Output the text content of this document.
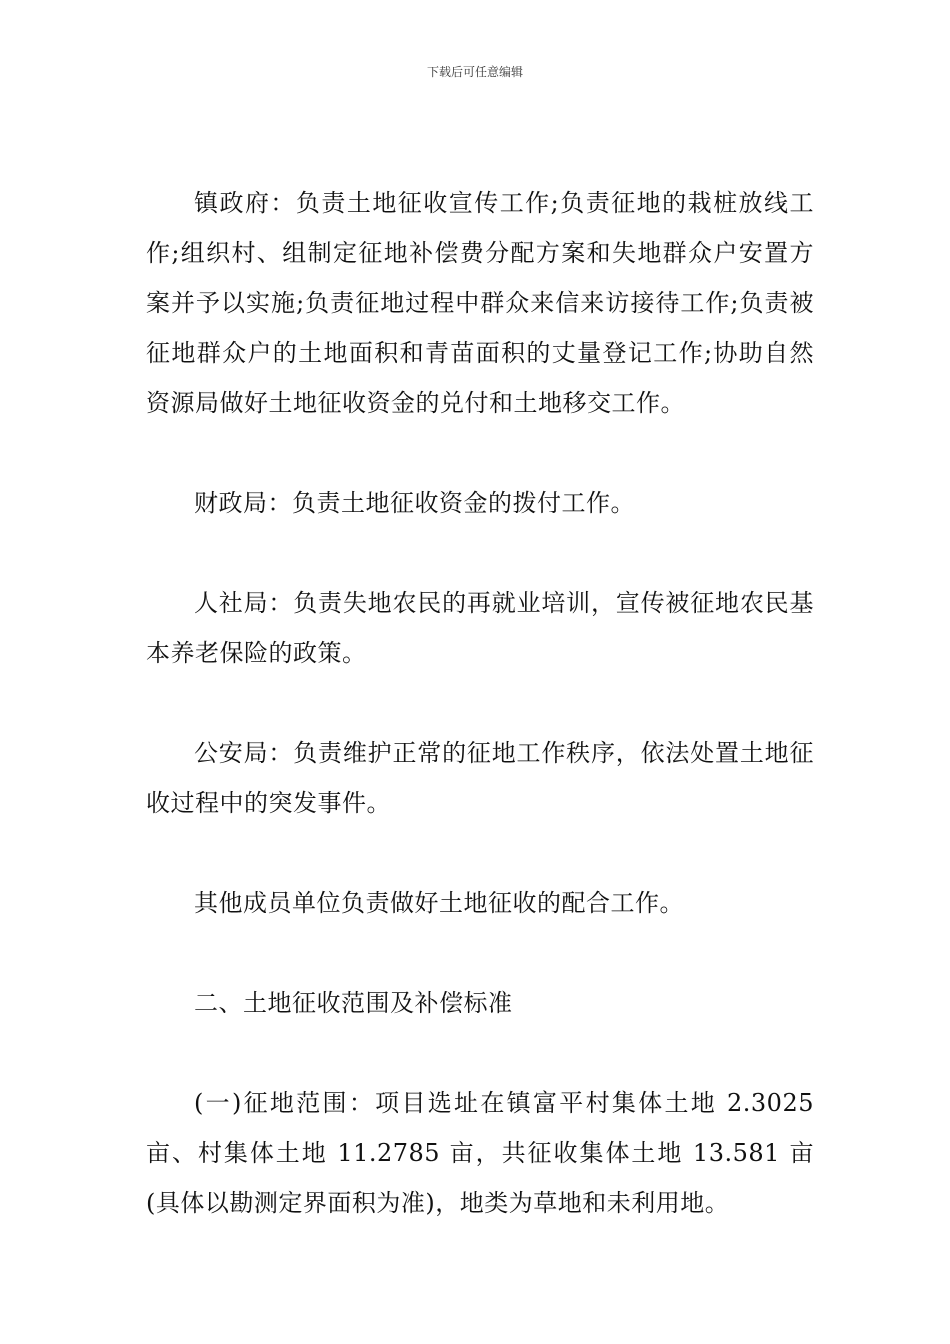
下载后可任意编辑

镇政府：负责土地征收宣传工作;负责征地的栽桩放线工作;组织村、组制定征地补偿费分配方案和失地群众户安置方案并予以实施;负责征地过程中群众来信来访接待工作;负责被征地群众户的土地面积和青苗面积的丈量登记工作;协助自然资源局做好土地征收资金的兑付和土地移交工作。

财政局：负责土地征收资金的拨付工作。

人社局：负责失地农民的再就业培训，宣传被征地农民基本养老保险的政策。

公安局：负责维护正常的征地工作秩序，依法处置土地征收过程中的突发事件。

其他成员单位负责做好土地征收的配合工作。

二、土地征收范围及补偿标准

(一)征地范围：项目选址在镇富平村集体土地 2.3025 亩、村集体土地 11.2785 亩，共征收集体土地 13.581 亩(具体以勘测定界面积为准)，地类为草地和未利用地。
